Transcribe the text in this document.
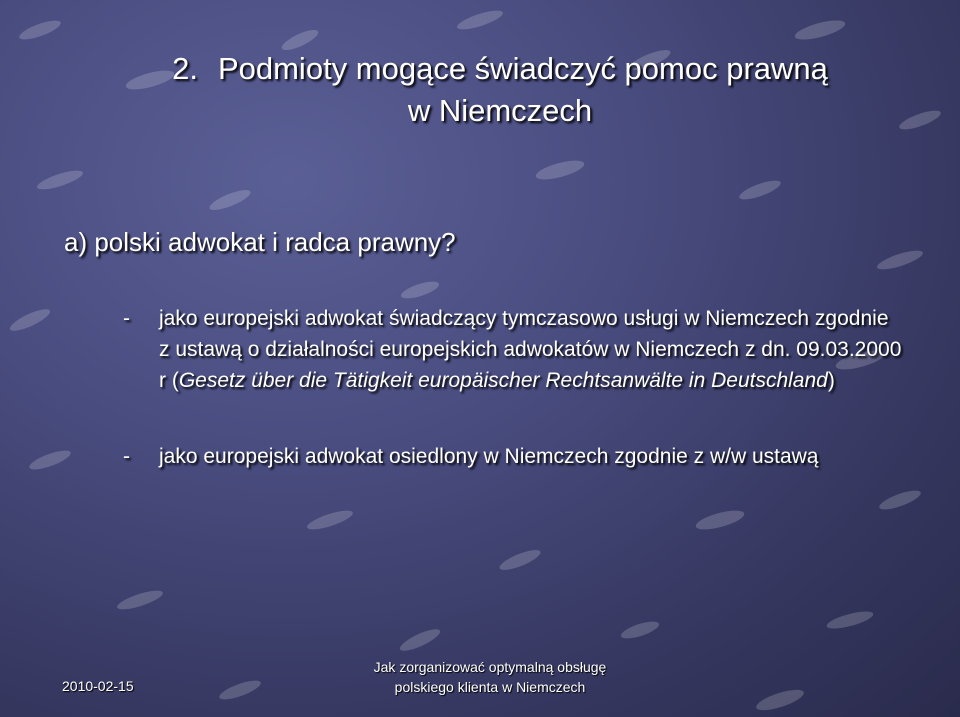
2. Podmioty mogące świadczyć pomoc prawną
w Niemczech
a) polski adwokat i radca prawny?
- jako europejski adwokat świadczący tymczasowo usługi w Niemczech zgodnie z ustawą o działalności europejskich adwokatów w Niemczech z dn. 09.03.2000 r (Gesetz über die Tätigkeit europäischer Rechtsanwälte in Deutschland)
- jako europejski adwokat osiedlony w Niemczech zgodnie z w/w ustawą
2010-02-15
Jak zorganizować optymalną obsługę
polskiego klienta w Niemczech
